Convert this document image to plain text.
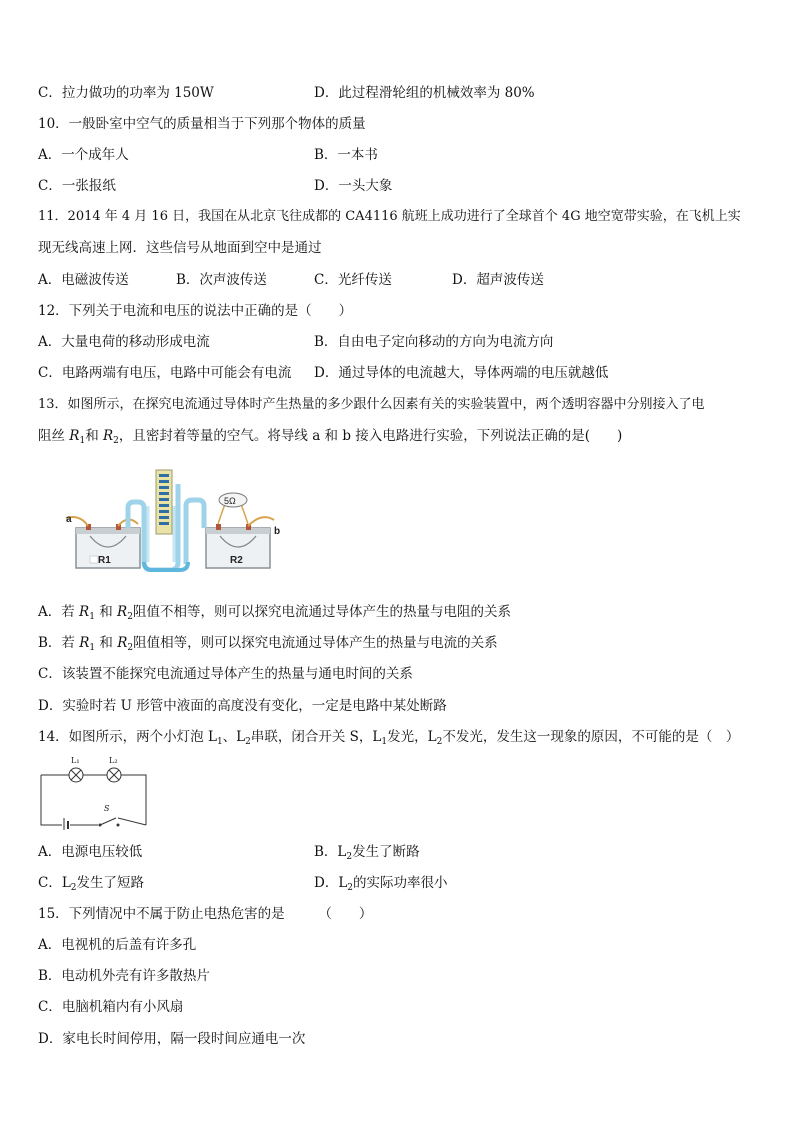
C．拉力做功的功率为 150W	D．此过程滑轮组的机械效率为 80%
10．一般卧室中空气的质量相当于下列那个物体的质量
A．一个成年人	B．一本书
C．一张报纸	D．一头大象
11．2014 年 4 月 16 日，我国在从北京飞往成都的 CA4116 航班上成功进行了全球首个 4G 地空宽带实验，在飞机上实
现无线高速上网．这些信号从地面到空中是通过
A．电磁波传送	B．次声波传送	C．光纤传送	D．超声波传送
12．下列关于电流和电压的说法中正确的是（　　）
A．大量电荷的移动形成电流	B．自由电子定向移动的方向为电流方向
C．电路两端有电压，电路中可能会有电流 D．通过导体的电流越大，导体两端的电压就越低
13．如图所示，在探究电流通过导体时产生热量的多少跟什么因素有关的实验装置中，两个透明容器中分别接入了电
阻丝 $R_1$和 $R_2$，且密封着等量的空气。将导线 a 和 b 接入电路进行实验，下列说法正确的是(　　)
R1	R2
5Ω
a
b
A．若 $R_1$ 和 $R_2$阻值不相等，则可以探究电流通过导体产生的热量与电阻的关系
B．若 $R_1$ 和 $R_2$阻值相等，则可以探究电流通过导体产生的热量与电流的关系
C．该装置不能探究电流通过导体产生的热量与通电时间的关系
D．实验时若 U 形管中液面的高度没有变化，一定是电路中某处断路
14．如图所示，两个小灯泡 $L_1$、$L_2$串联，闭合开关 S，$L_1$发光，$L_2$不发光，发生这一现象的原因，不可能的是（　）
S
L₁	L₂
A．电源电压较低	B．$L_2$发生了断路
C．$L_2$发生了短路	D．$L_2$的实际功率很小
15．下列情况中不属于防止电热危害的是　　　（　　）
A．电视机的后盖有许多孔
B．电动机外壳有许多散热片
C．电脑机箱内有小风扇
D．家电长时间停用，隔一段时间应通电一次
